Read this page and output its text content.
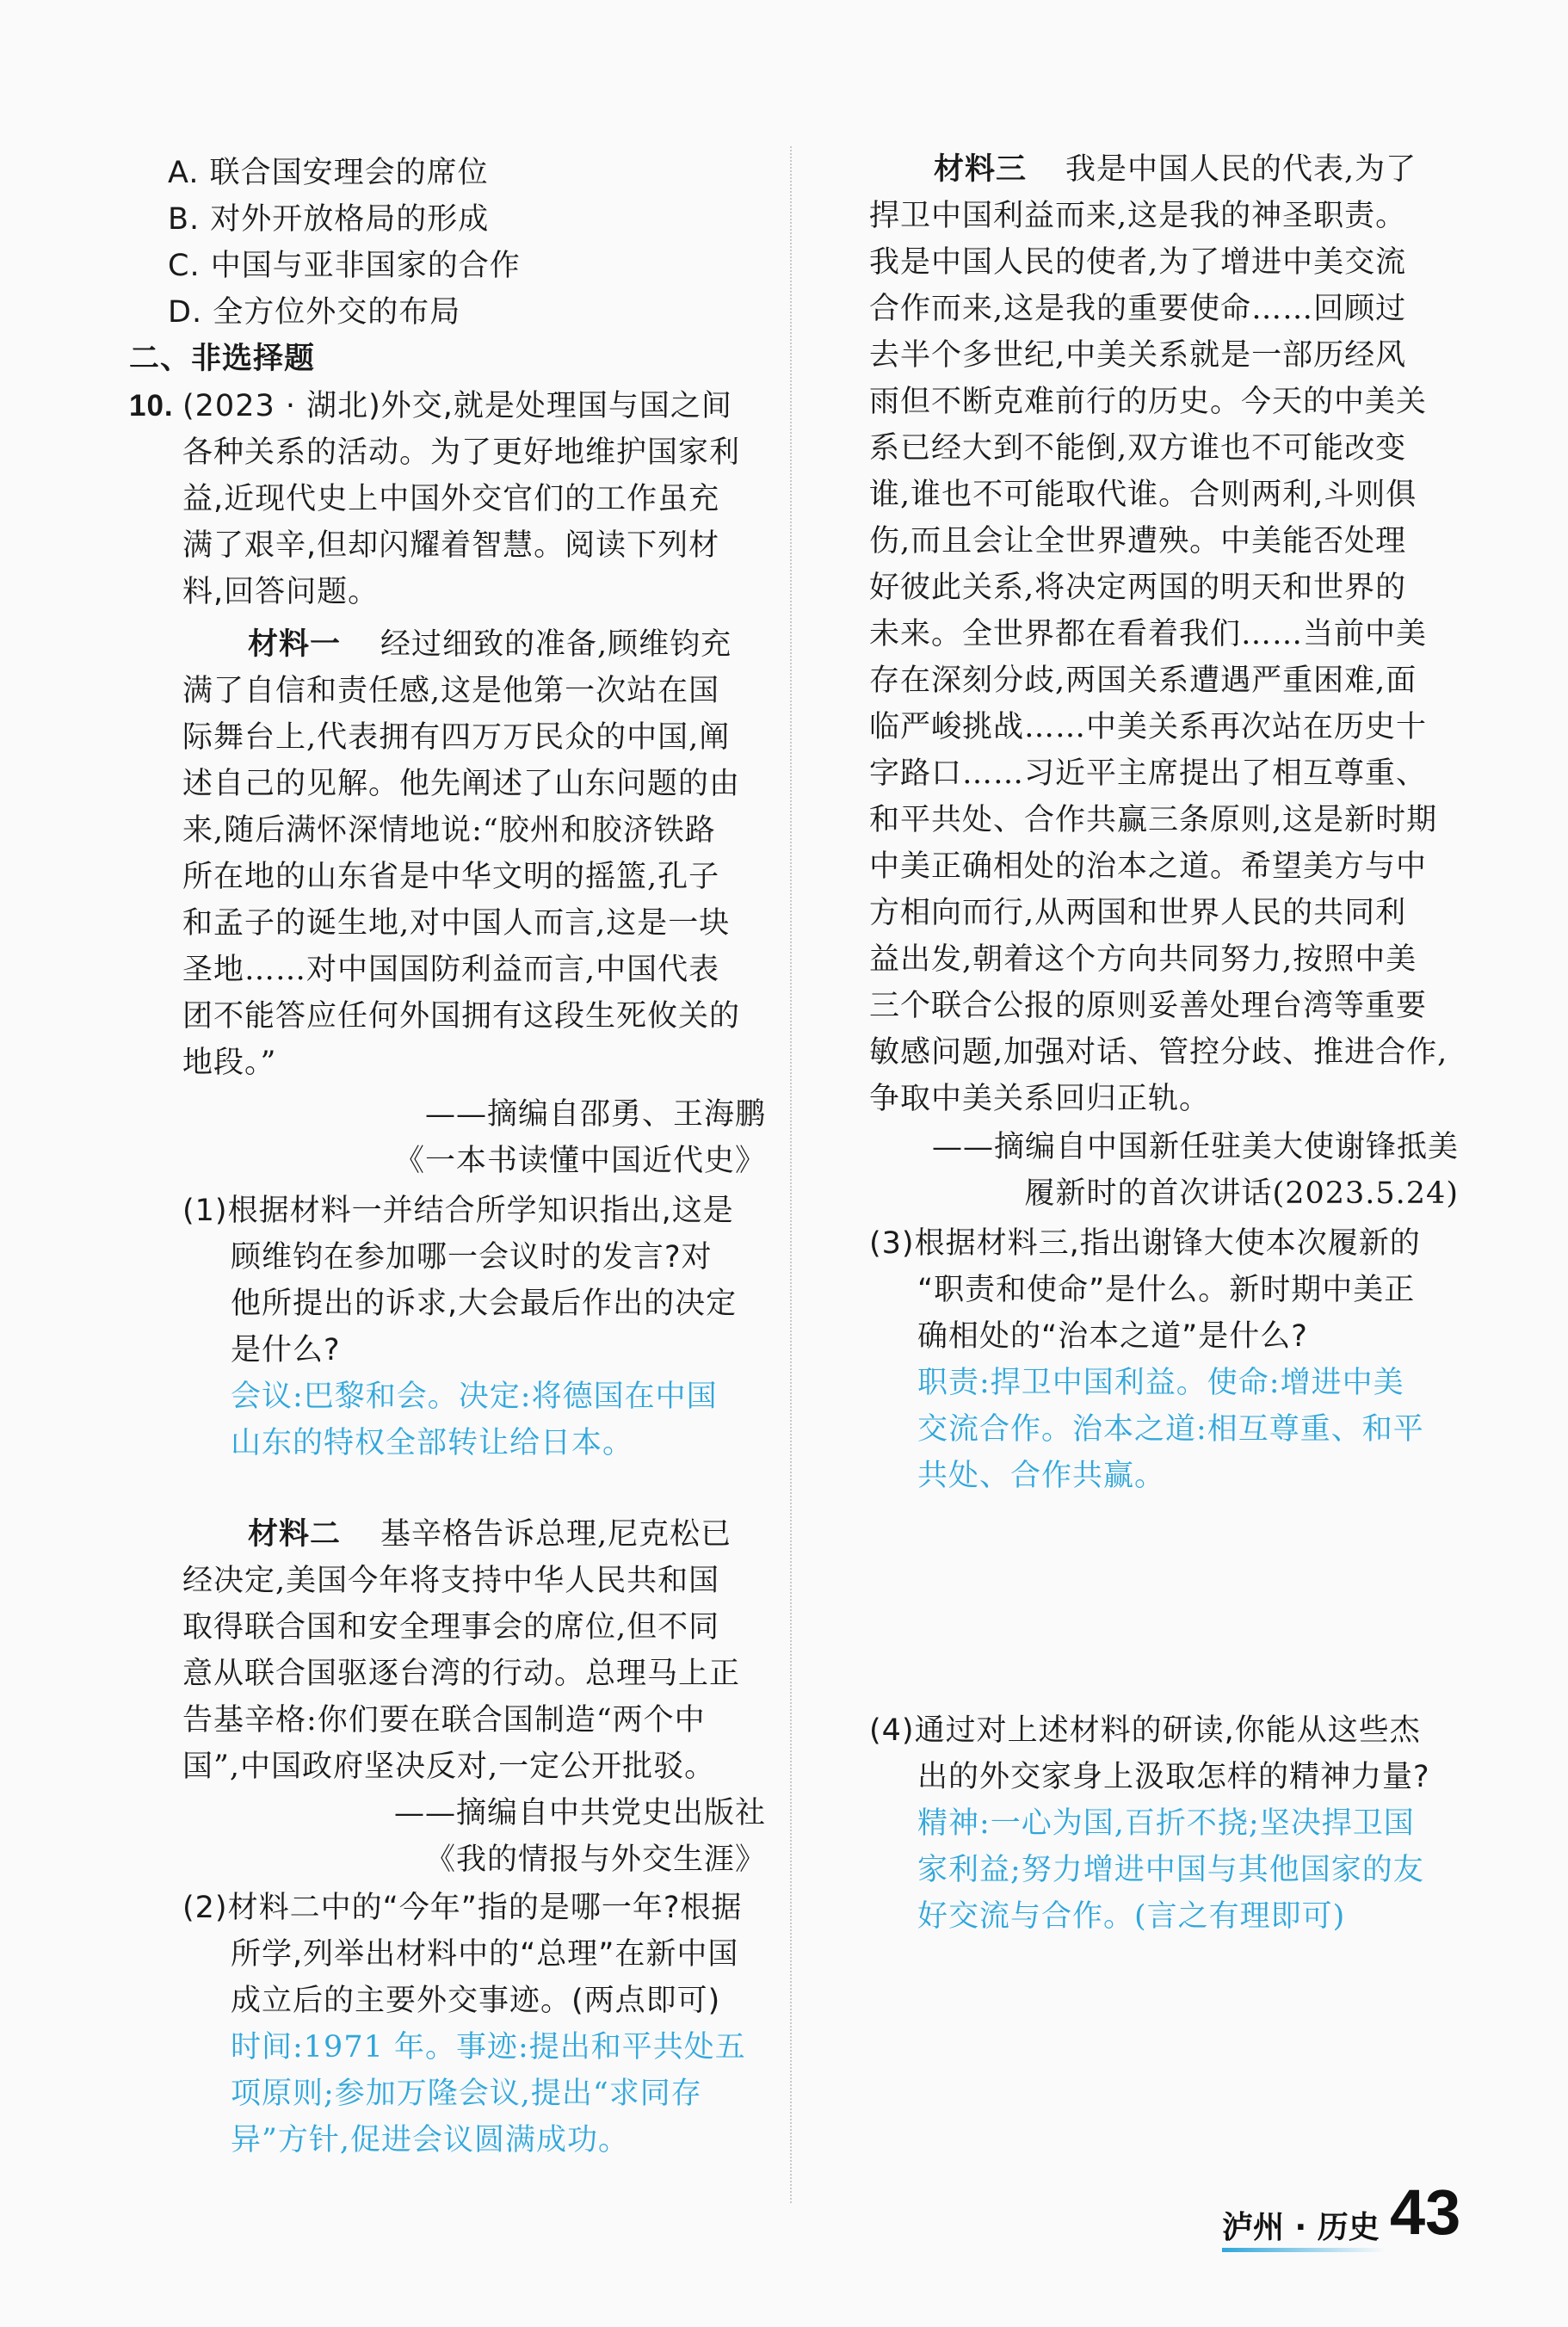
A. 联合国安理会的席位
B. 对外开放格局的形成
C. 中国与亚非国家的合作
D. 全方位外交的布局
二、非选择题
10. (2023 · 湖北)外交,就是处理国与国之间
各种关系的活动。为了更好地维护国家利
益,近现代史上中国外交官们的工作虽充
满了艰辛,但却闪耀着智慧。阅读下列材
料,回答问题。
材料一 经过细致的准备,顾维钧充
满了自信和责任感,这是他第一次站在国
际舞台上,代表拥有四万万民众的中国,阐
述自己的见解。他先阐述了山东问题的由
来,随后满怀深情地说:“胶州和胶济铁路
所在地的山东省是中华文明的摇篮,孔子
和孟子的诞生地,对中国人而言,这是一块
圣地……对中国国防利益而言,中国代表
团不能答应任何外国拥有这段生死攸关的
地段。”
——摘编自邵勇、王海鹏
《一本书读懂中国近代史》
(1)根据材料一并结合所学知识指出,这是
顾维钧在参加哪一会议时的发言?对
他所提出的诉求,大会最后作出的决定
是什么?
会议:巴黎和会。决定:将德国在中国
山东的特权全部转让给日本。
材料二 基辛格告诉总理,尼克松已
经决定,美国今年将支持中华人民共和国
取得联合国和安全理事会的席位,但不同
意从联合国驱逐台湾的行动。总理马上正
告基辛格:你们要在联合国制造“两个中
国”,中国政府坚决反对,一定公开批驳。
——摘编自中共党史出版社
《我的情报与外交生涯》
(2)材料二中的“今年”指的是哪一年?根据
所学,列举出材料中的“总理”在新中国
成立后的主要外交事迹。(两点即可)
时间:1971 年。事迹:提出和平共处五
项原则;参加万隆会议,提出“求同存
异”方针,促进会议圆满成功。
材料三 我是中国人民的代表,为了
捍卫中国利益而来,这是我的神圣职责。
我是中国人民的使者,为了增进中美交流
合作而来,这是我的重要使命……回顾过
去半个多世纪,中美关系就是一部历经风
雨但不断克难前行的历史。今天的中美关
系已经大到不能倒,双方谁也不可能改变
谁,谁也不可能取代谁。合则两利,斗则俱
伤,而且会让全世界遭殃。中美能否处理
好彼此关系,将决定两国的明天和世界的
未来。全世界都在看着我们……当前中美
存在深刻分歧,两国关系遭遇严重困难,面
临严峻挑战……中美关系再次站在历史十
字路口……习近平主席提出了相互尊重、
和平共处、合作共赢三条原则,这是新时期
中美正确相处的治本之道。希望美方与中
方相向而行,从两国和世界人民的共同利
益出发,朝着这个方向共同努力,按照中美
三个联合公报的原则妥善处理台湾等重要
敏感问题,加强对话、管控分歧、推进合作,
争取中美关系回归正轨。
——摘编自中国新任驻美大使谢锋抵美
履新时的首次讲话(2023.5.24)
(3)根据材料三,指出谢锋大使本次履新的
“职责和使命”是什么。新时期中美正
确相处的“治本之道”是什么?
职责:捍卫中国利益。使命:增进中美
交流合作。治本之道:相互尊重、和平
共处、合作共赢。
(4)通过对上述材料的研读,你能从这些杰
出的外交家身上汲取怎样的精神力量?
精神:一心为国,百折不挠;坚决捍卫国
家利益;努力增进中国与其他国家的友
好交流与合作。(言之有理即可)
泸州 · 历史 43
